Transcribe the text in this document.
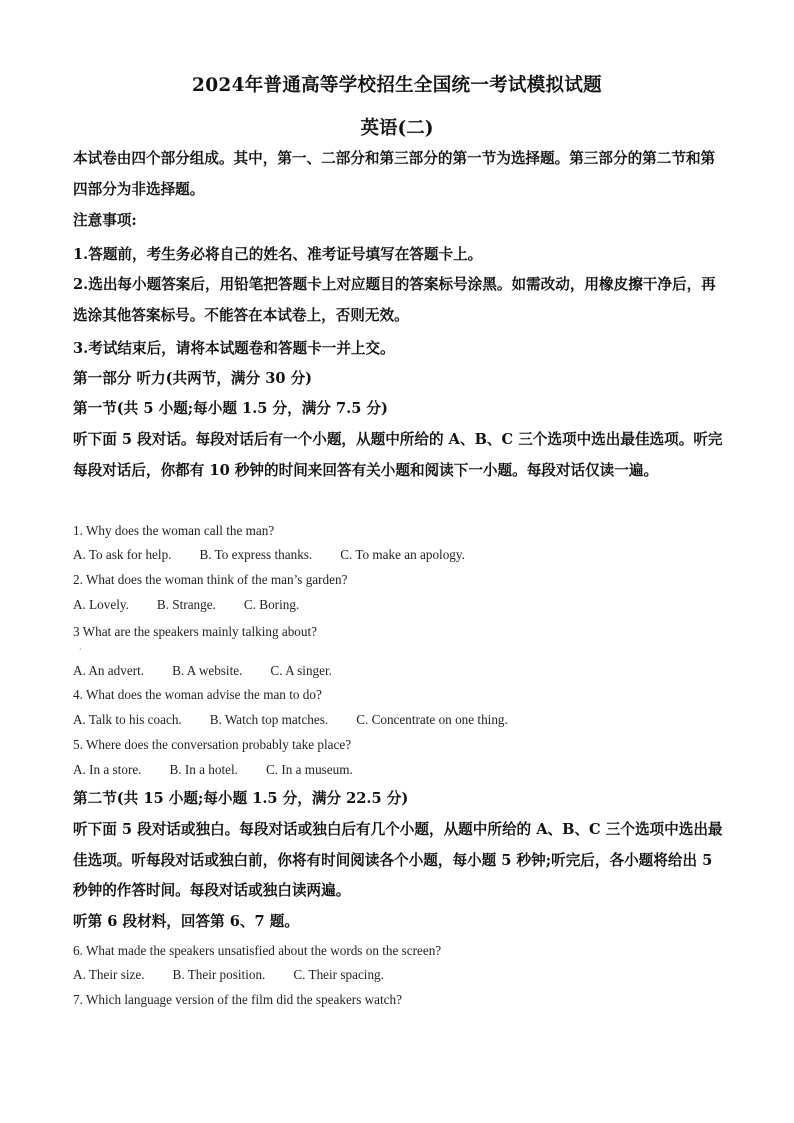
2024年普通高等学校招生全国统一考试模拟试题
英语(二)
本试卷由四个部分组成。其中，第一、二部分和第三部分的第一节为选择题。第三部分的第二节和第四部分为非选择题。
注意事项:
1.答题前，考生务必将自己的姓名、准考证号填写在答题卡上。
2.选出每小题答案后，用铅笔把答题卡上对应题目的答案标号涂黑。如需改动，用橡皮擦干净后，再选涂其他答案标号。不能答在本试卷上，否则无效。
3.考试结束后，请将本试题卷和答题卡一并上交。
第一部分 听力(共两节，满分 30 分)
第一节(共 5 小题;每小题 1.5 分，满分 7.5 分)
听下面 5 段对话。每段对话后有一个小题，从题中所给的 A、B、C 三个选项中选出最佳选项。听完每段对话后，你都有 10 秒钟的时间来回答有关小题和阅读下一小题。每段对话仅读一遍。
1. Why does the woman call the man?
A. To ask for help. B. To express thanks. C. To make an apology.
2. What does the woman think of the man’s garden?
A. Lovely. B. Strange. C. Boring.
3 What are the speakers mainly talking about?
·
A. An advert. B. A website. C. A singer.
4. What does the woman advise the man to do?
A. Talk to his coach. B. Watch top matches. C. Concentrate on one thing.
5. Where does the conversation probably take place?
A. In a store. B. In a hotel. C. In a museum.
第二节(共 15 小题;每小题 1.5 分，满分 22.5 分)
听下面 5 段对话或独白。每段对话或独白后有几个小题，从题中所给的 A、B、C 三个选项中选出最佳选项。听每段对话或独白前，你将有时间阅读各个小题，每小题 5 秒钟;听完后，各小题将给出 5 秒钟的作答时间。每段对话或独白读两遍。
听第 6 段材料，回答第 6、7 题。
6. What made the speakers unsatisfied about the words on the screen?
A. Their size. B. Their position. C. Their spacing.
7. Which language version of the film did the speakers watch?
